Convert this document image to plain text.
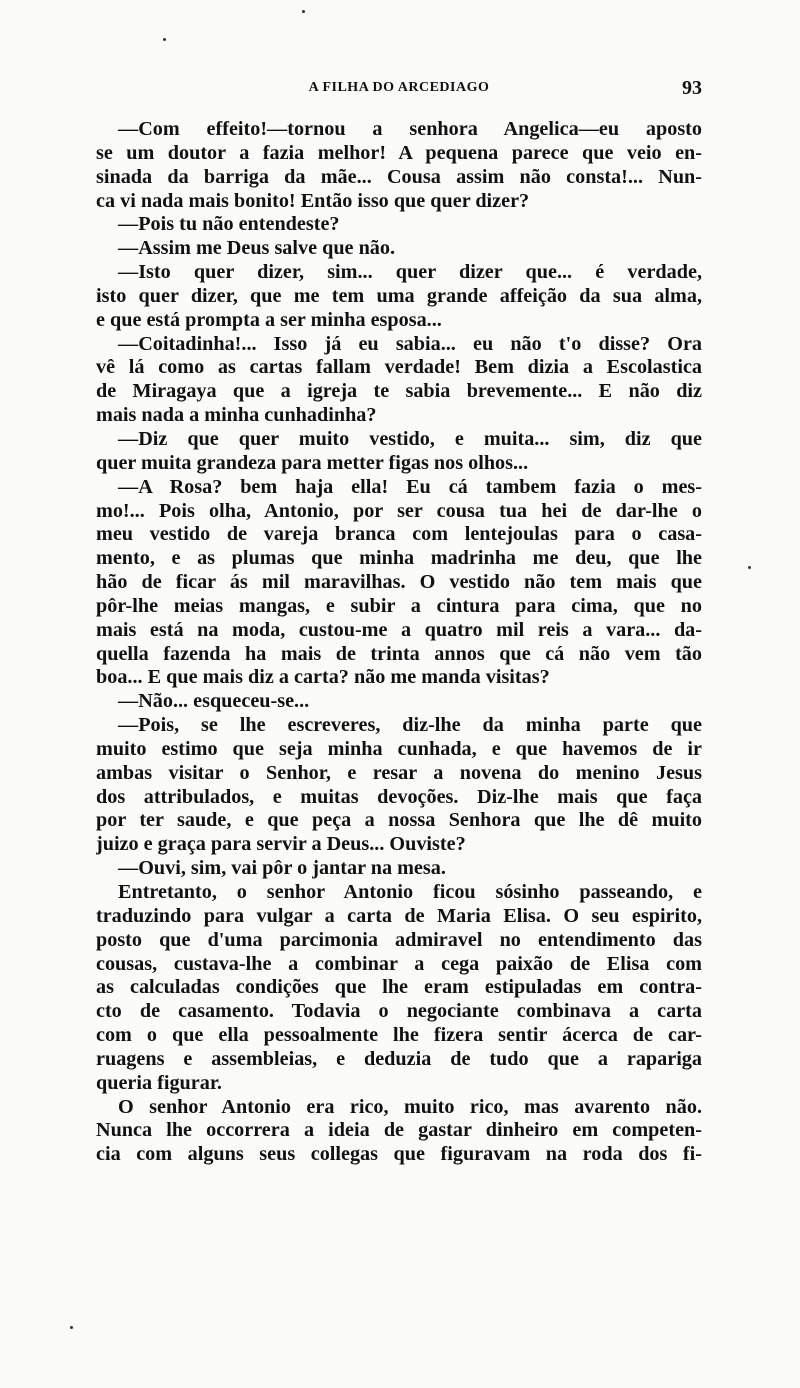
A FILHA DO ARCEDIAGO	93
—Com effeito!—tornou a senhora Angelica—eu aposto
se um doutor a fazia melhor! A pequena parece que veio en-
sinada da barriga da mãe... Cousa assim não consta!... Nun-
ca vi nada mais bonito! Então isso que quer dizer?
—Pois tu não entendeste?
—Assim me Deus salve que não.
—Isto quer dizer, sim... quer dizer que... é verdade,
isto quer dizer, que me tem uma grande affeição da sua alma,
e que está prompta a ser minha esposa...
—Coitadinha!... Isso já eu sabia... eu não t'o disse? Ora
vê lá como as cartas fallam verdade! Bem dizia a Escolastica
de Miragaya que a igreja te sabia brevemente... E não diz
mais nada a minha cunhadinha?
—Diz que quer muito vestido, e muita... sim, diz que
quer muita grandeza para metter figas nos olhos...
—A Rosa? bem haja ella! Eu cá tambem fazia o mes-
mo!... Pois olha, Antonio, por ser cousa tua hei de dar-lhe o
meu vestido de vareja branca com lentejoulas para o casa-
mento, e as plumas que minha madrinha me deu, que lhe
hão de ficar ás mil maravilhas. O vestido não tem mais que
pôr-lhe meias mangas, e subir a cintura para cima, que no
mais está na moda, custou-me a quatro mil reis a vara... da-
quella fazenda ha mais de trinta annos que cá não vem tão
boa... E que mais diz a carta? não me manda visitas?
—Não... esqueceu-se...
—Pois, se lhe escreveres, diz-lhe da minha parte que
muito estimo que seja minha cunhada, e que havemos de ir
ambas visitar o Senhor, e resar a novena do menino Jesus
dos attribulados, e muitas devoções. Diz-lhe mais que faça
por ter saude, e que peça a nossa Senhora que lhe dê muito
juizo e graça para servir a Deus... Ouviste?
—Ouvi, sim, vai pôr o jantar na mesa.
Entretanto, o senhor Antonio ficou sósinho passeando, e
traduzindo para vulgar a carta de Maria Elisa. O seu espirito,
posto que d'uma parcimonia admiravel no entendimento das
cousas, custava-lhe a combinar a cega paixão de Elisa com
as calculadas condições que lhe eram estipuladas em contra-
cto de casamento. Todavia o negociante combinava a carta
com o que ella pessoalmente lhe fizera sentir ácerca de car-
ruagens e assembleias, e deduzia de tudo que a rapariga
queria figurar.
O senhor Antonio era rico, muito rico, mas avarento não.
Nunca lhe occorrera a ideia de gastar dinheiro em competen-
cia com alguns seus collegas que figuravam na roda dos fi-
